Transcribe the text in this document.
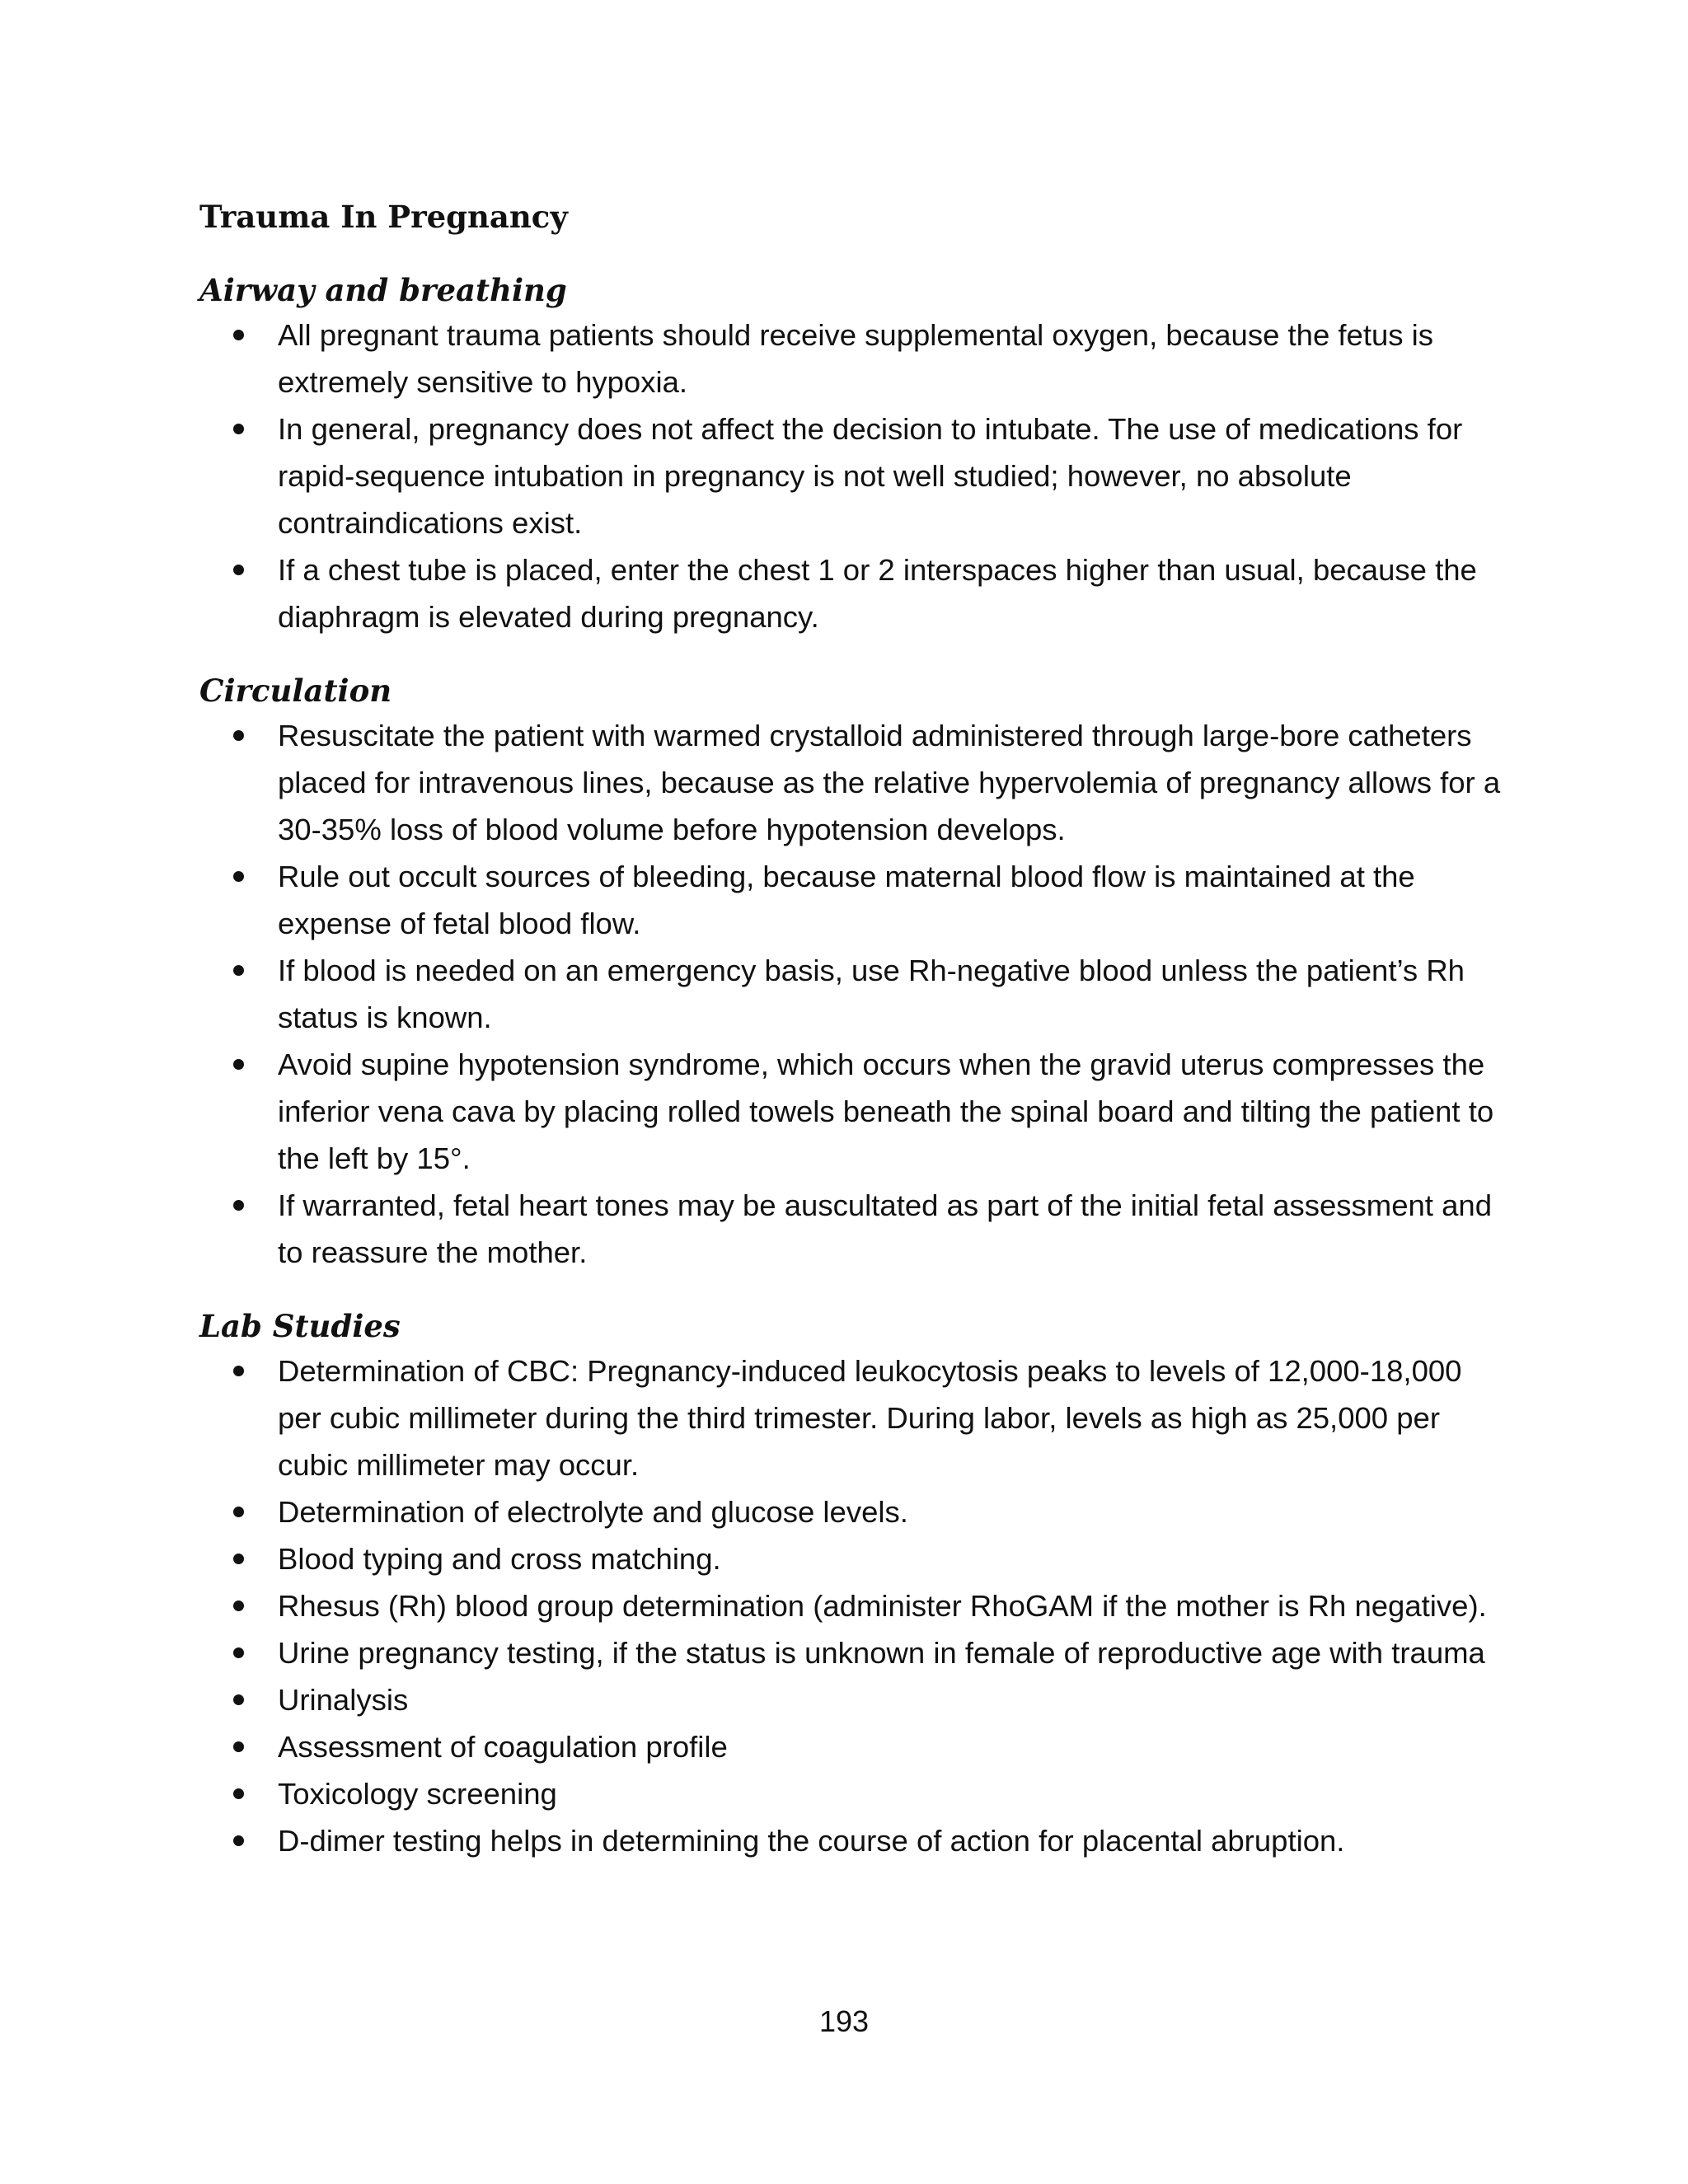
Trauma In Pregnancy
Airway and breathing
All pregnant trauma patients should receive supplemental oxygen, because the fetus is extremely sensitive to hypoxia.
In general, pregnancy does not affect the decision to intubate. The use of medications for rapid-sequence intubation in pregnancy is not well studied; however, no absolute contraindications exist.
If a chest tube is placed, enter the chest 1 or 2 interspaces higher than usual, because the diaphragm is elevated during pregnancy.
Circulation
Resuscitate the patient with warmed crystalloid administered through large-bore catheters placed for intravenous lines, because as the relative hypervolemia of pregnancy allows for a 30-35% loss of blood volume before hypotension develops.
Rule out occult sources of bleeding, because maternal blood flow is maintained at the expense of fetal blood flow.
If blood is needed on an emergency basis, use Rh-negative blood unless the patient’s Rh status is known.
Avoid supine hypotension syndrome, which occurs when the gravid uterus compresses the inferior vena cava by placing rolled towels beneath the spinal board and tilting the patient to the left by 15°.
If warranted, fetal heart tones may be auscultated as part of the initial fetal assessment and to reassure the mother.
Lab Studies
Determination of CBC: Pregnancy-induced leukocytosis peaks to levels of 12,000-18,000 per cubic millimeter during the third trimester. During labor, levels as high as 25,000 per cubic millimeter may occur.
Determination of electrolyte and glucose levels.
Blood typing and cross matching.
Rhesus (Rh) blood group determination (administer RhoGAM if the mother is Rh negative).
Urine pregnancy testing, if the status is unknown in female of reproductive age with trauma
Urinalysis
Assessment of coagulation profile
Toxicology screening
D-dimer testing helps in determining the course of action for placental abruption.
193
